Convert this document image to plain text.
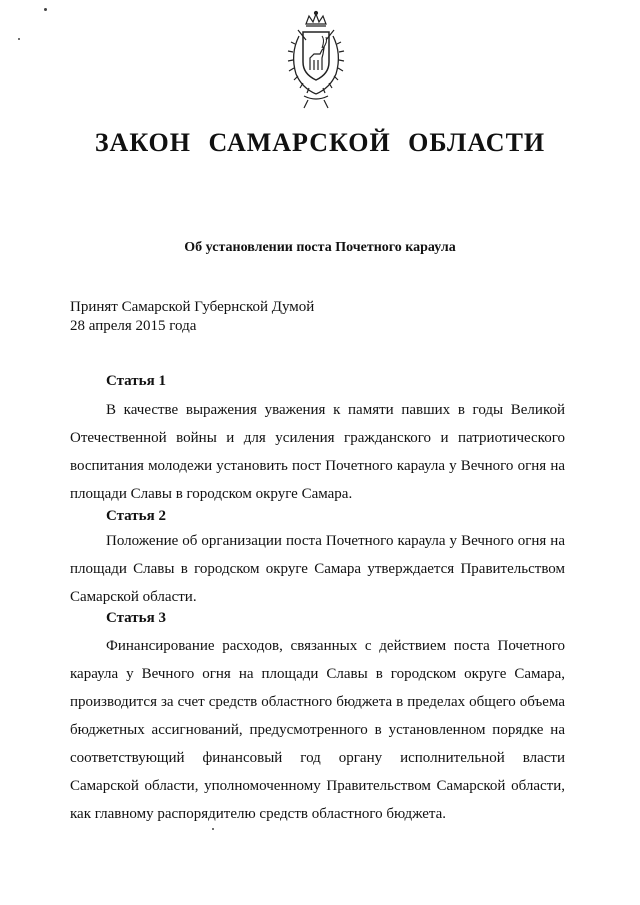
ЗАКОН САМАРСКОЙ ОБЛАСТИ
Об установлении поста Почетного караула
Принят Самарской Губернской Думой
28 апреля 2015 года
Статья 1
В качестве выражения уважения к памяти павших в годы Великой Отечественной войны и для усиления гражданского и патриотического воспитания молодежи установить пост Почетного караула у Вечного огня на площади Славы в городском округе Самара.
Статья 2
Положение об организации поста Почетного караула у Вечного огня на площади Славы в городском округе Самара утверждается Правительством Самарской области.
Статья 3
Финансирование расходов, связанных с действием поста Почетного караула у Вечного огня на площади Славы в городском округе Самара, производится за счет средств областного бюджета в пределах общего объема бюджетных ассигнований, предусмотренного в установленном порядке на соответствующий финансовый год органу исполнительной власти Самарской области, уполномоченному Правительством Самарской области, как главному распорядителю средств областного бюджета.
